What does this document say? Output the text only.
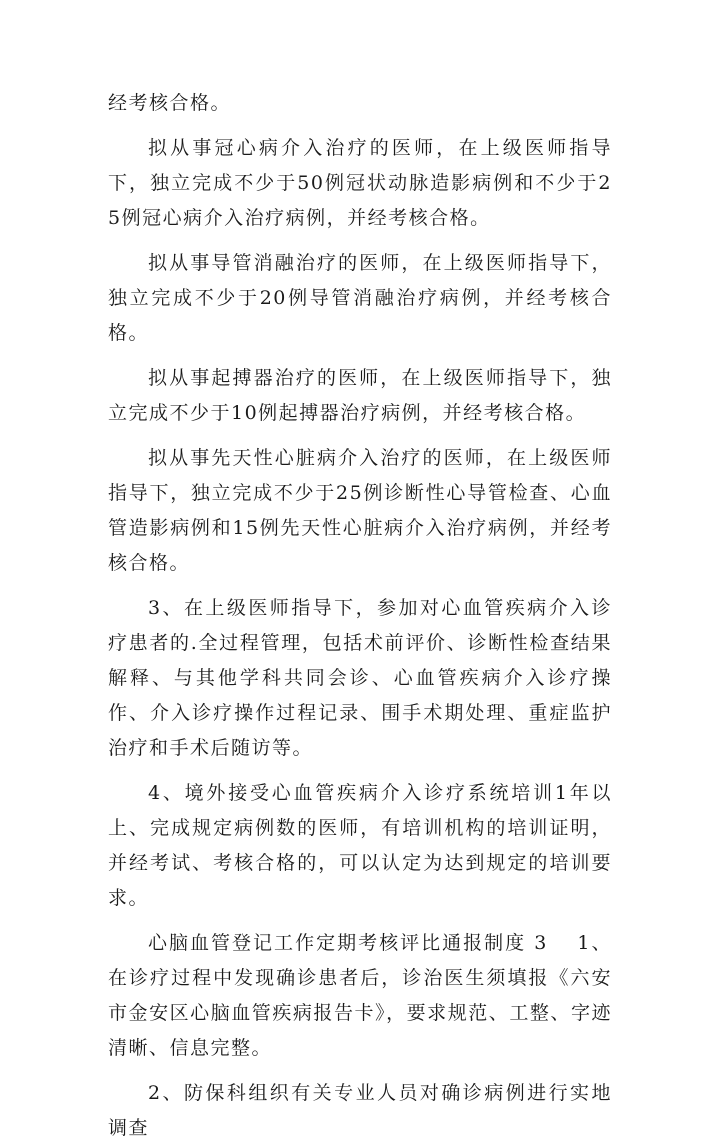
经考核合格。

拟从事冠心病介入治疗的医师，在上级医师指导下，独立完成不少于50例冠状动脉造影病例和不少于25例冠心病介入治疗病例，并经考核合格。

拟从事导管消融治疗的医师，在上级医师指导下，独立完成不少于20例导管消融治疗病例，并经考核合格。

拟从事起搏器治疗的医师，在上级医师指导下，独立完成不少于10例起搏器治疗病例，并经考核合格。

拟从事先天性心脏病介入治疗的医师，在上级医师指导下，独立完成不少于25例诊断性心导管检查、心血管造影病例和15例先天性心脏病介入治疗病例，并经考核合格。

3、在上级医师指导下，参加对心血管疾病介入诊疗患者的.全过程管理，包括术前评价、诊断性检查结果解释、与其他学科共同会诊、心血管疾病介入诊疗操作、介入诊疗操作过程记录、围手术期处理、重症监护治疗和手术后随访等。

4、境外接受心血管疾病介入诊疗系统培训1年以上、完成规定病例数的医师，有培训机构的培训证明，并经考试、考核合格的，可以认定为达到规定的培训要求。

心脑血管登记工作定期考核评比通报制度 3　 1、在诊疗过程中发现确诊患者后，诊治医生须填报《六安市金安区心脑血管疾病报告卡》，要求规范、工整、字迹清晰、信息完整。

2、防保科组织有关专业人员对确诊病例进行实地调查
